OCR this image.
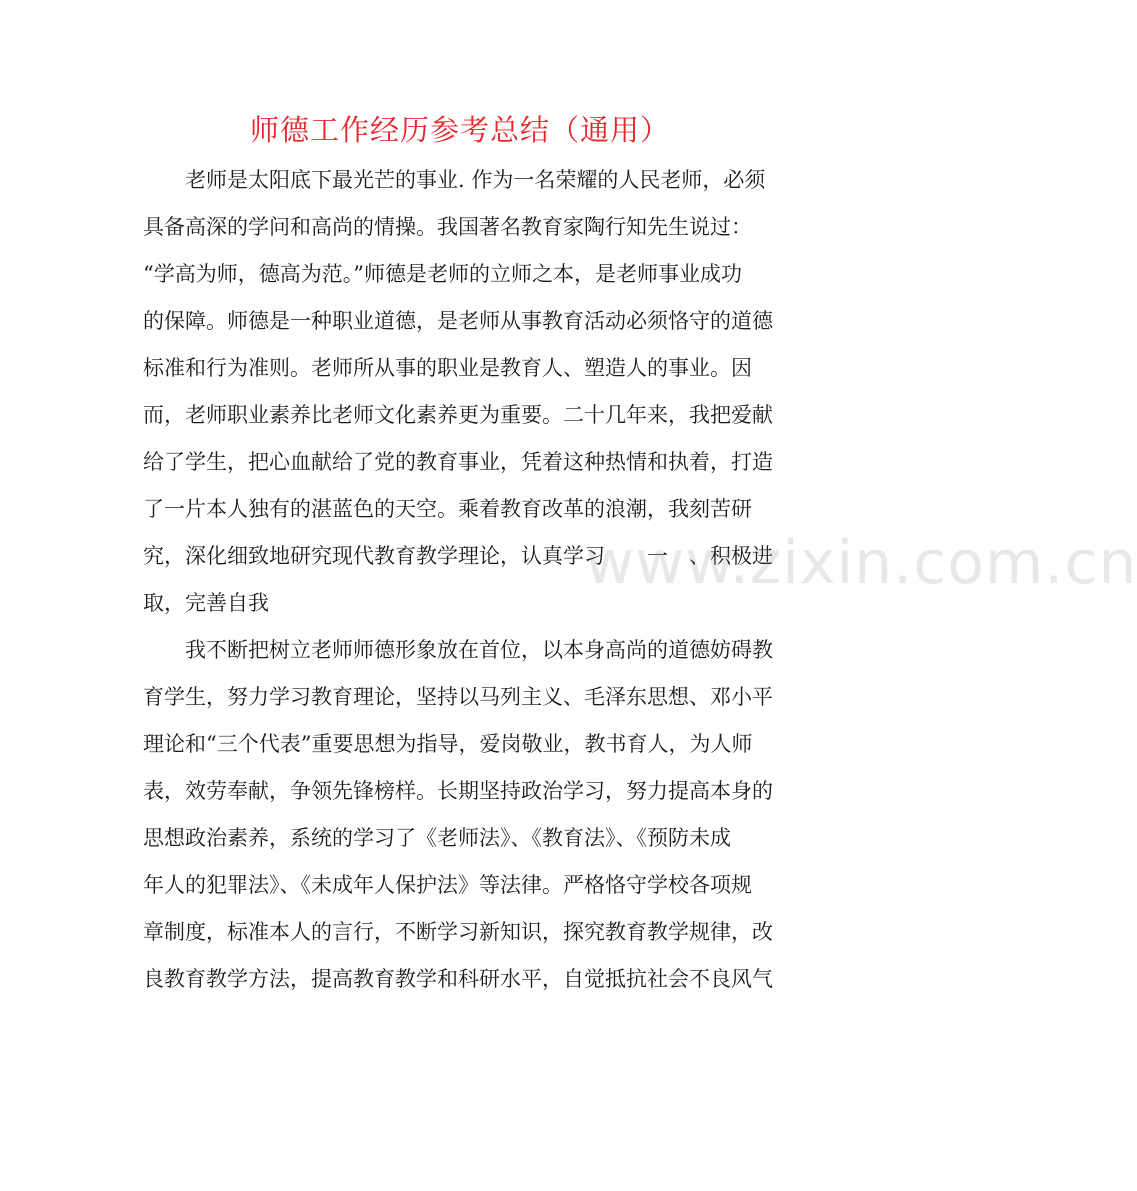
师德工作经历参考总结（通用）
老师是太阳底下最光芒的事业. 作为一名荣耀的人民老师，必须
具备高深的学问和高尚的情操。我国著名教育家陶行知先生说过：
“学高为师，德高为范。”师德是老师的立师之本，是老师事业成功
的保障。师德是一种职业道德，是老师从事教育活动必须恪守的道德
标准和行为准则。老师所从事的职业是教育人、塑造人的事业。因
而，老师职业素养比老师文化素养更为重要。二十几年来，我把爱献
给了学生，把心血献给了党的教育事业，凭着这种热情和执着，打造
了一片本人独有的湛蓝色的天空。乘着教育改革的浪潮，我刻苦研
究，深化细致地研究现代教育教学理论，认真学习　　一　、积极进
取，完善自我
我不断把树立老师师德形象放在首位，以本身高尚的道德妨碍教
育学生，努力学习教育理论，坚持以马列主义、毛泽东思想、邓小平
理论和“三个代表”重要思想为指导，爱岗敬业，教书育人，为人师
表，效劳奉献，争领先锋榜样。长期坚持政治学习，努力提高本身的
思想政治素养，系统的学习了《老师法》、《教育法》、《预防未成
年人的犯罪法》、《未成年人保护法》等法律。严格恪守学校各项规
章制度，标准本人的言行，不断学习新知识，探究教育教学规律，改
良教育教学方法，提高教育教学和科研水平，自觉抵抗社会不良风气
www.zixin.com.cn
